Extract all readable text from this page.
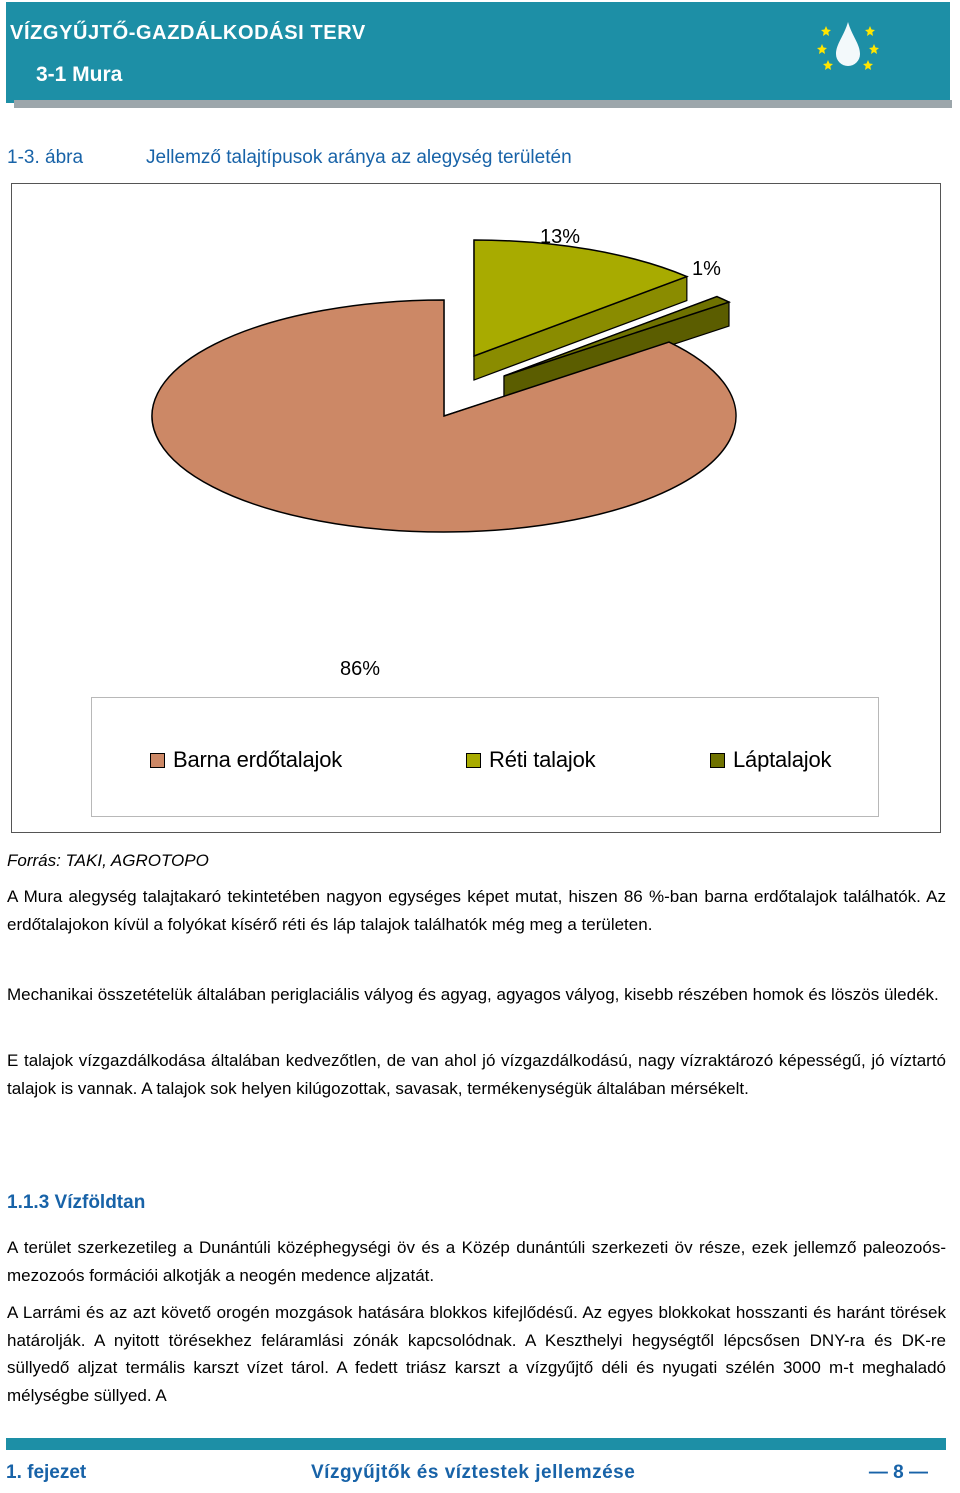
VÍZGYŰJTŐ-GAZDÁLKODÁSI TERV
3-1 Mura
1-3. ábra	Jellemző talajtípusok aránya az alegység területén
13%
1%
86%
Barna erdőtalajok	Réti talajok	Láptalajok
Forrás: TAKI, AGROTOPO
A Mura alegység talajtakaró tekintetében nagyon egységes képet mutat, hiszen 86 %-ban barna erdőtalajok találhatók. Az erdőtalajokon kívül a folyókat kísérő réti és láp talajok találhatók még meg a területen.
Mechanikai összetételük általában periglaciális vályog és agyag, agyagos vályog, kisebb részében homok és löszös üledék.
E talajok vízgazdálkodása általában kedvezőtlen, de van ahol jó vízgazdálkodású, nagy vízraktározó képességű, jó víztartó talajok is vannak. A talajok sok helyen kilúgozottak, savasak, termékenységük általában mérsékelt.
1.1.3 Vízföldtan
A terület szerkezetileg a Dunántúli középhegységi öv és a Közép dunántúli szerkezeti öv része, ezek jellemző paleozoós-mezozoós formációi alkotják a neogén medence aljzatát.
A Larrámi és az azt követő orogén mozgások hatására blokkos kifejlődésű. Az egyes blokkokat hosszanti és haránt törések határolják. A nyitott törésekhez feláramlási zónák kapcsolódnak. A Keszthelyi hegységtől lépcsősen DNY-ra és DK-re süllyedő aljzat termális karszt vízet tárol. A fedett triász karszt a vízgyűjtő déli és nyugati szélén 3000 m-t meghaladó mélységbe süllyed. A
1. fejezet	Vízgyűjtők és víztestek jellemzése	— 8 —
